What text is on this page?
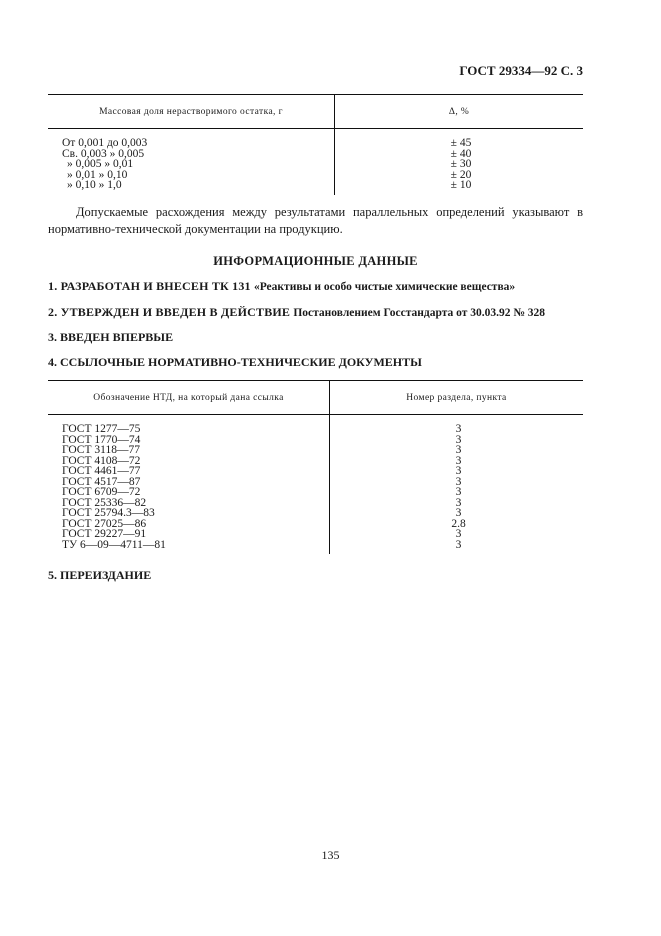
ГОСТ 29334—92 С. 3
Массовая доля нерастворимого остатка, г	Δ, %
От 0,001 до 0,003	± 45
Св. 0,003 » 0,005	± 40
» 0,005 » 0,01	± 30
» 0,01 » 0,10	± 20
» 0,10 » 1,0	± 10
Допускаемые расхождения между результатами параллельных определений указывают в нормативно-технической документации на продукцию.
ИНФОРМАЦИОННЫЕ ДАННЫЕ
1. РАЗРАБОТАН И ВНЕСЕН ТК 131 «Реактивы и особо чистые химические вещества»
2. УТВЕРЖДЕН И ВВЕДЕН В ДЕЙСТВИЕ Постановлением Госстандарта от 30.03.92 № 328
3. ВВЕДЕН ВПЕРВЫЕ
4. ССЫЛОЧНЫЕ НОРМАТИВНО-ТЕХНИЧЕСКИЕ ДОКУМЕНТЫ
Обозначение НТД, на который дана ссылка	Номер раздела, пункта
ГОСТ 1277—75	3
ГОСТ 1770—74	3
ГОСТ 3118—77	3
ГОСТ 4108—72	3
ГОСТ 4461—77	3
ГОСТ 4517—87	3
ГОСТ 6709—72	3
ГОСТ 25336—82	3
ГОСТ 25794.3—83	3
ГОСТ 27025—86	2.8
ГОСТ 29227—91	3
ТУ 6—09—4711—81	3
5. ПЕРЕИЗДАНИЕ
135
